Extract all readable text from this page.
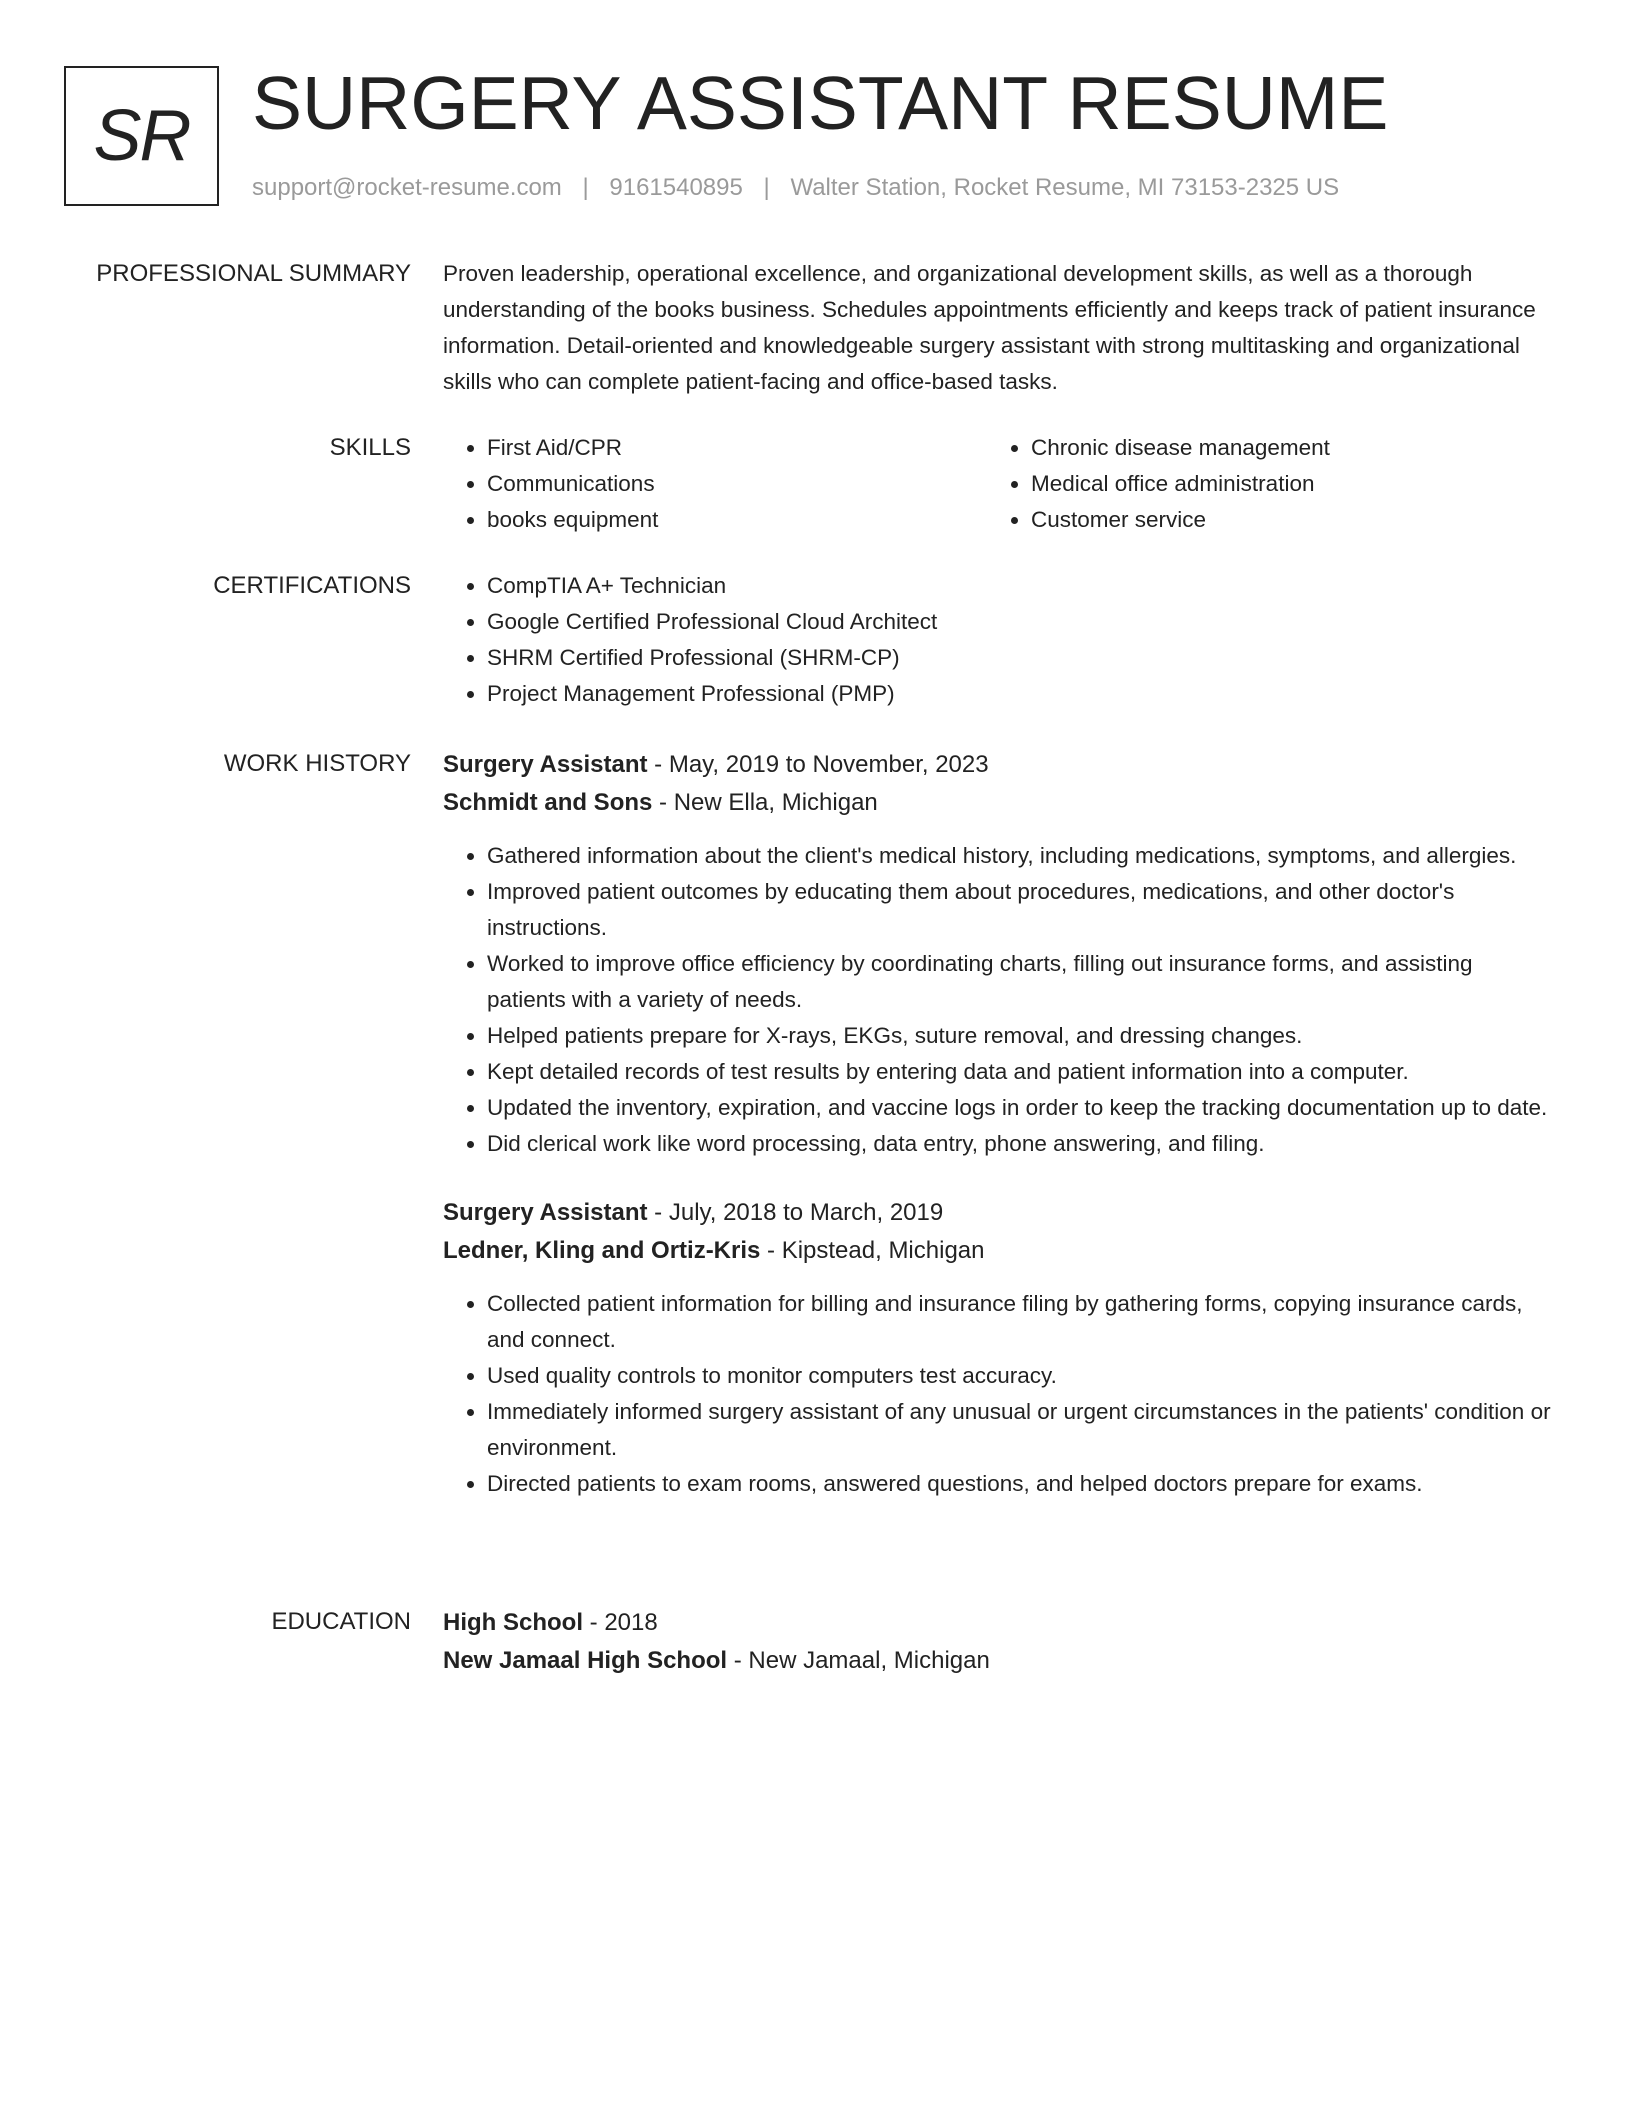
SR SURGERY ASSISTANT RESUME
support@rocket-resume.com | 9161540895 | Walter Station, Rocket Resume, MI 73153-2325 US
PROFESSIONAL SUMMARY Proven leadership, operational excellence, and organizational development skills, as well as a thorough understanding of the books business. Schedules appointments efficiently and keeps track of patient insurance information. Detail-oriented and knowledgeable surgery assistant with strong multitasking and organizational skills who can complete patient-facing and office-based tasks.

SKILLS	• First Aid/CPR
• Communications
• books equipment
• Chronic disease management
• Medical office administration
• Customer service
CERTIFICATIONS	• CompTIA A+ Technician
• Google Certified Professional Cloud Architect
• SHRM Certified Professional (SHRM-CP)
• Project Management Professional (PMP)
WORK HISTORY Surgery Assistant - May, 2019 to November, 2023
Schmidt and Sons - New Ella, Michigan
• Gathered information about the client's medical history, including medications, symptoms, and allergies.
• Improved patient outcomes by educating them about procedures, medications, and other doctor's instructions.
• Worked to improve office efficiency by coordinating charts, filling out insurance forms, and assisting patients with a variety of needs.
• Helped patients prepare for X-rays, EKGs, suture removal, and dressing changes.
• Kept detailed records of test results by entering data and patient information into a computer.
• Updated the inventory, expiration, and vaccine logs in order to keep the tracking documentation up to date.
• Did clerical work like word processing, data entry, phone answering, and filing.
Surgery Assistant - July, 2018 to March, 2019
Ledner, Kling and Ortiz-Kris - Kipstead, Michigan
• Collected patient information for billing and insurance filing by gathering forms, copying insurance cards, and connect.
• Used quality controls to monitor computers test accuracy.
• Immediately informed surgery assistant of any unusual or urgent circumstances in the patients' condition or environment.
• Directed patients to exam rooms, answered questions, and helped doctors prepare for exams.
EDUCATION High School - 2018
New Jamaal High School - New Jamaal, Michigan
